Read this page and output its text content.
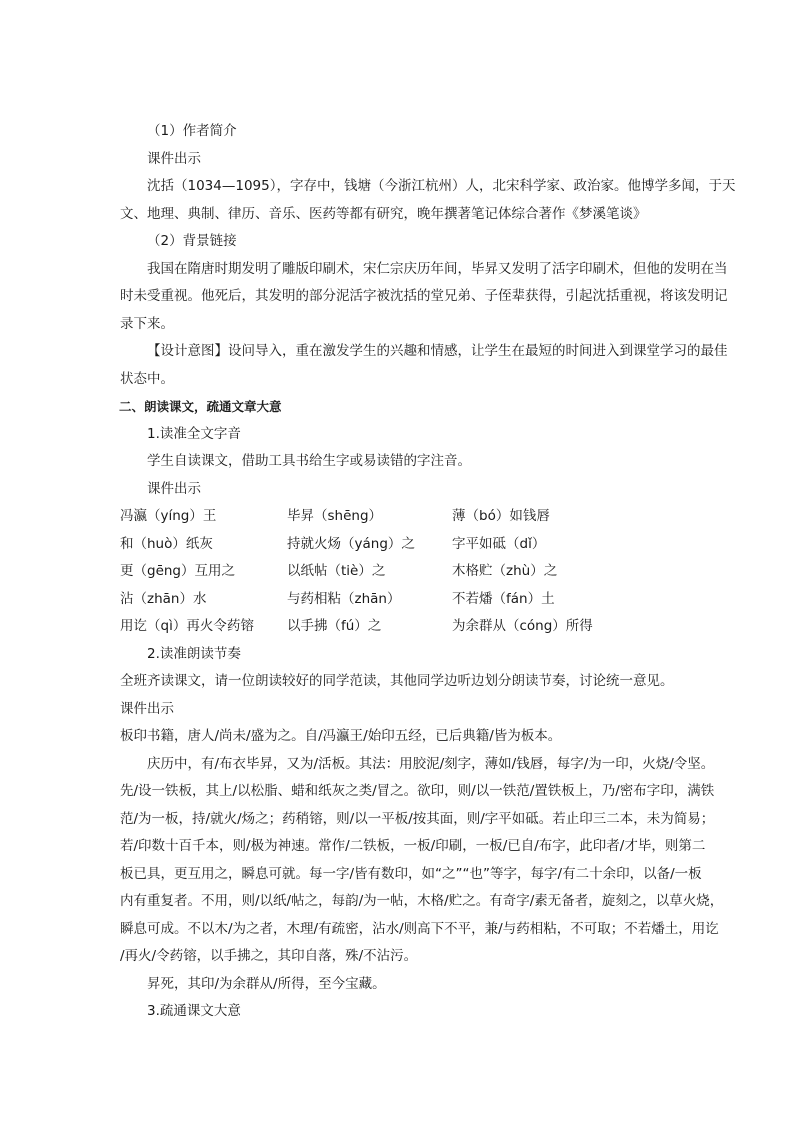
（1）作者简介
课件出示
沈括（1034—1095），字存中，钱塘（今浙江杭州）人，北宋科学家、政治家。他博学多闻，于天
文、地理、典制、律历、音乐、医药等都有研究，晚年撰著笔记体综合著作《梦溪笔谈》
（2）背景链接
我国在隋唐时期发明了雕版印刷术，宋仁宗庆历年间，毕昇又发明了活字印刷术，但他的发明在当
时未受重视。他死后，其发明的部分泥活字被沈括的堂兄弟、子侄辈获得，引起沈括重视，将该发明记
录下来。
【设计意图】设问导入，重在激发学生的兴趣和情感，让学生在最短的时间进入到课堂学习的最佳
状态中。
二、朗读课文，疏通文章大意
1.读准全文字音
学生自读课文，借助工具书给生字或易读错的字注音。
课件出示
冯瀛（yíng）王	毕昇（shēng）	薄（bó）如钱唇
和（huò）纸灰	持就火炀（yáng）之	字平如砥（dǐ）
更（gēng）互用之	以纸帖（tiè）之	木格贮（zhù）之
沾（zhān）水	与药相粘（zhān）	不若燔（fán）土
用讫（qì）再火令药镕	以手拂（fú）之	为余群从（cóng）所得
2.读准朗读节奏
全班齐读课文，请一位朗读较好的同学范读，其他同学边听边划分朗读节奏，讨论统一意见。
课件出示
板印书籍，唐人/尚未/盛为之。自/冯瀛王/始印五经，已后典籍/皆为板本。
庆历中，有/布衣毕昇，又为/活板。其法：用胶泥/刻字，薄如/钱唇，每字/为一印，火烧/令坚。
先/设一铁板，其上/以松脂、蜡和纸灰之类/冒之。欲印，则/以一铁范/置铁板上，乃/密布字印，满铁
范/为一板，持/就火/炀之；药稍镕，则/以一平板/按其面，则/字平如砥。若止印三二本，未为简易；
若/印数十百千本，则/极为神速。常作/二铁板，一板/印刷，一板/已自/布字，此印者/才毕，则第二
板已具，更互用之，瞬息可就。每一字/皆有数印，如“之”“也”等字，每字/有二十余印，以备/一板
内有重复者。不用，则/以纸/帖之，每韵/为一帖，木格/贮之。有奇字/素无备者，旋刻之，以草火烧，
瞬息可成。不以木/为之者，木理/有疏密，沾水/则高下不平，兼/与药相粘，不可取；不若燔土，用讫
/再火/令药镕，以手拂之，其印自落，殊/不沾污。
昇死，其印/为余群从/所得，至今宝藏。
3.疏通课文大意
